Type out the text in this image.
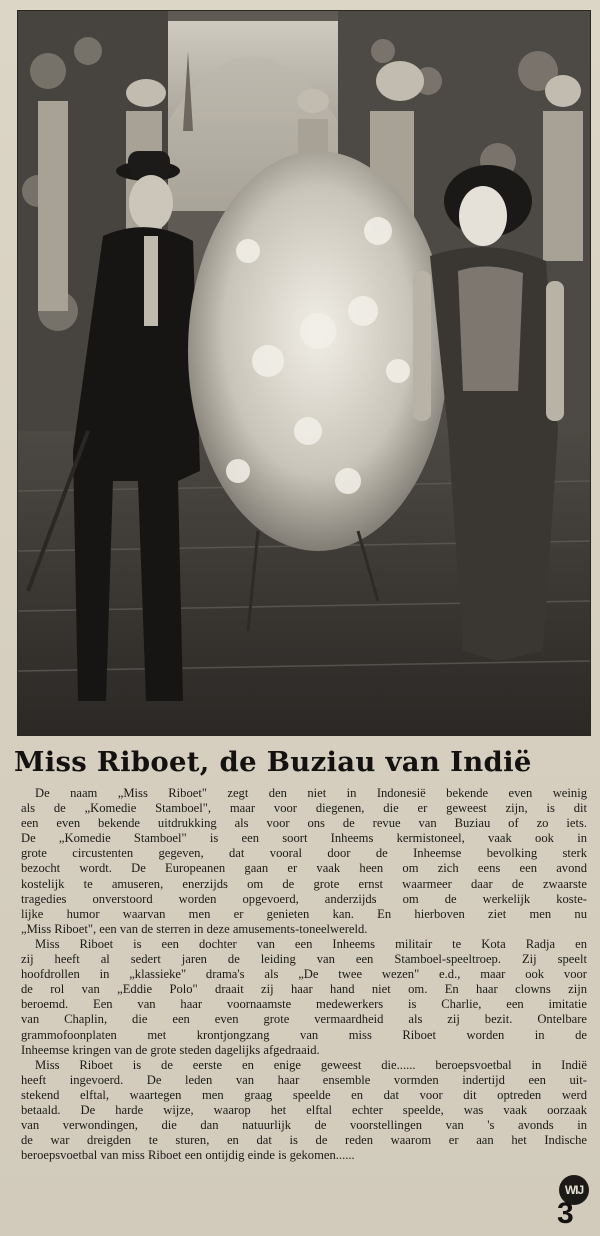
Miss Riboet, de Buziau van Indië
De naam „Miss Riboet" zegt den niet in Indonesië bekende even weinig
als de „Komedie Stamboel", maar voor diegenen, die er geweest zijn, is dit
een even bekende uitdrukking als voor ons de revue van Buziau of zo iets.
De „Komedie Stamboel" is een soort Inheems kermistoneel, vaak ook in
grote circustenten gegeven, dat vooral door de Inheemse bevolking sterk
bezocht wordt. De Europeanen gaan er vaak heen om zich eens een avond
kostelijk te amuseren, enerzijds om de grote ernst waarmeer daar de zwaarste
tragedies onverstoord worden opgevoerd, anderzijds om de werkelijk koste-
lijke humor waarvan men er genieten kan. En hierboven ziet men nu
„Miss Riboet", een van de sterren in deze amusements-toneelwereld.
Miss Riboet is een dochter van een Inheems militair te Kota Radja en
zij heeft al sedert jaren de leiding van een Stamboel-speeltroep. Zij speelt
hoofdrollen in „klassieke" drama's als „De twee wezen" e.d., maar ook voor
de rol van „Eddie Polo" draait zij haar hand niet om. En haar clowns zijn
beroemd. Een van haar voornaamste medewerkers is Charlie, een imitatie
van Chaplin, die een even grote vermaardheid als zij bezit. Ontelbare
grammofoonplaten met krontjongzang van miss Riboet worden in de
Inheemse kringen van de grote steden dagelijks afgedraaid.
Miss Riboet is de eerste en enige geweest die...... beroepsvoetbal in Indië
heeft ingevoerd. De leden van haar ensemble vormden indertijd een uit-
stekend elftal, waartegen men graag speelde en dat voor dit optreden werd
betaald. De harde wijze, waarop het elftal echter speelde, was vaak oorzaak
van verwondingen, die dan natuurlijk de voorstellingen van 's avonds in
de war dreigden te sturen, en dat is de reden waarom er aan het Indische
beroepsvoetbal van miss Riboet een ontijdig einde is gekomen......
WIJ
3
